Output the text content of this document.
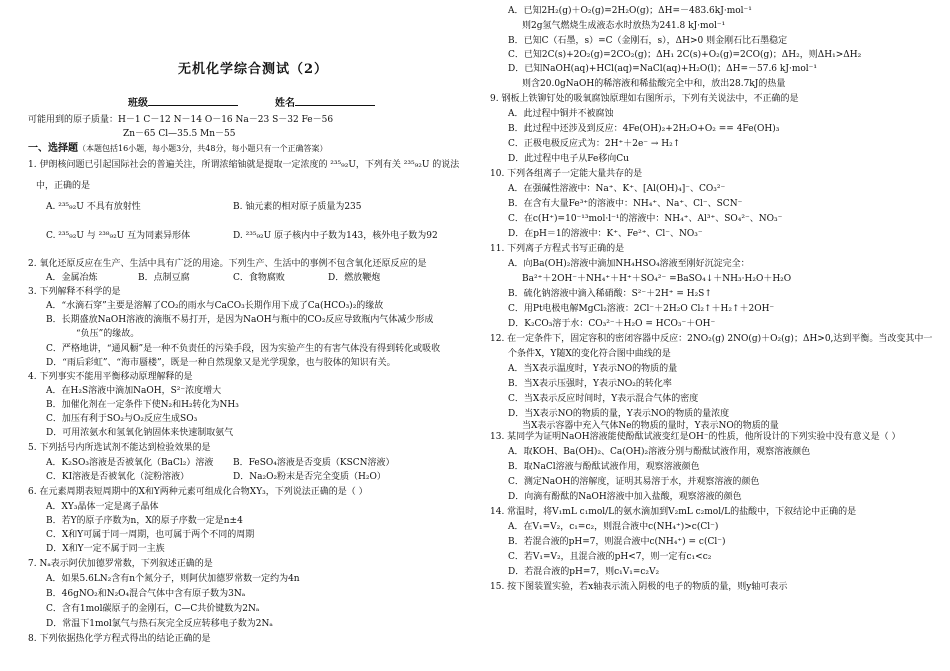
无机化学综合测试（2）
班级	姓名
可能用到的原子质量：H－1 C－12 N－14 O－16 Na－23 S－32 Fe－56
Zn－65 Cl—35.5 Mn－55
一、选择题（本题包括16小题，每小题3分，共48分，每小题只有一个正确答案）
1. 伊朗核问题已引起国际社会的普遍关注，所谓浓缩铀就是提取一定浓度的 ²³⁵₉₂U，下列有关 ²³⁵₉₂U 的说法
中，正确的是
A. ²³⁵₉₂U 不具有放射性	B. 铀元素的相对原子质量为235
C. ²³⁵₉₂U 与 ²³⁸₉₂U 互为同素异形体	D. ²³⁵₉₂U 原子核内中子数为143，核外电子数为92
2. 氧化还原反应在生产、生活中具有广泛的用途。下列生产、生活中的事例不包含氧化还原反应的是
A．金属冶炼	B．点制豆腐	C．食物腐败	D．燃放鞭炮
3. 下列解释不科学的是
A．“水滴石穿”主要是溶解了CO₂的雨水与CaCO₃长期作用下成了Ca(HCO₃)₂的缘故
B．长期盛放NaOH溶液的滴瓶不易打开，是因为NaOH与瓶中的CO₂反应导致瓶内气体减少形成
“负压”的缘故。
C．严格地讲，“通风橱”是一种不负责任的污染手段，因为实验产生的有害气体没有得到转化或吸收
D．“雨后彩虹”、“海市蜃楼”，既是一种自然现象又是光学现象，也与胶体的知识有关。
4. 下列事实不能用平衡移动原理解释的是
A．在H₂S溶液中滴加NaOH，S²⁻浓度增大
B．加催化剂在一定条件下使N₂和H₂转化为NH₃
C．加压有利于SO₂与O₂反应生成SO₃
D．可用浓氨水和氢氧化钠固体来快速制取氨气
5. 下列括号内所选试剂不能达到检验效果的是
A．K₂SO₃溶液是否被氧化（BaCl₂）溶液 B．FeSO₄溶液是否变质（KSCN溶液）
C．KI溶液是否被氧化（淀粉溶液）	D．Na₂O₂粉末是否完全变质（H₂O）
6. 在元素周期表短周期中的X和Y两种元素可组成化合物XY₃，下列说法正确的是（ ）
A．XY₃晶体一定是离子晶体
B．若Y的原子序数为n，X的原子序数一定是n±4
C．X和Y可属于同一周期，也可属于两个不同的周期
D．X和Y一定不属于同一主族
7. Nₐ表示阿伏加德罗常数，下列叙述正确的是
A．如果5.6LN₂含有n个氮分子，则阿伏加德罗常数一定约为4n
B．46gNO₂和N₂O₄混合气体中含有原子数为3Nₐ
C．含有1mol碳原子的金刚石，C—C共价键数为2Nₐ
D．常温下1mol氯气与热石灰完全反应转移电子数为2Nₐ
8. 下列依据热化学方程式得出的结论正确的是
A．已知2H₂(g)＋O₂(g)=2H₂O(g)；ΔH=－483.6kJ·mol⁻¹
则2g氢气燃烧生成液态水时放热为241.8 kJ·mol⁻¹
B．已知C（石墨，s）=C（金刚石，s），ΔH>0 则金刚石比石墨稳定
C．已知2C(s)+2O₂(g)=2CO₂(g)；ΔH₁ 2C(s)+O₂(g)=2CO(g)；ΔH₂，则ΔH₁>ΔH₂
D．已知NaOH(aq)+HCl(aq)=NaCl(aq)+H₂O(l)；ΔH=－57.6 kJ·mol⁻¹
则含20.0gNaOH的稀溶液和稀盐酸完全中和，放出28.7kJ的热量
9. 钢板上铁铆钉处的吸氧腐蚀原理如右图所示，下列有关说法中，不正确的是
A．此过程中铜并不被腐蚀
B．此过程中还涉及到反应：4Fe(OH)₂+2H₂O+O₂ == 4Fe(OH)₃
C．正极电极反应式为：2H⁺＋2e⁻ → H₂↑
D．此过程中电子从Fe移向Cu
10. 下列各组离子一定能大量共存的是
A．在强碱性溶液中：Na⁺、K⁺、[Al(OH)₄]⁻、CO₃²⁻
B．在含有大量Fe³⁺的溶液中：NH₄⁺、Na⁺、Cl⁻、SCN⁻
C．在c(H⁺)=10⁻¹³mol·l⁻¹的溶液中：NH₄⁺、Al³⁺、SO₄²⁻、NO₃⁻
D．在pH＝1的溶液中：K⁺、Fe²⁺、Cl⁻、NO₃⁻
11. 下列离子方程式书写正确的是
A．向Ba(OH)₂溶液中滴加NH₄HSO₄溶液至刚好沉淀完全：
Ba²⁺＋2OH⁻＋NH₄⁺＋H⁺＋SO₄²⁻ =BaSO₄↓＋NH₃·H₂O＋H₂O
B．硫化钠溶液中滴入稀硝酸：S²⁻＋2H⁺ = H₂S↑
C．用Pt电极电解MgCl₂溶液：2Cl⁻＋2H₂O Cl₂↑＋H₂↑＋2OH⁻
D．K₂CO₃溶于水：CO₃²⁻＋H₂O = HCO₃⁻＋OH⁻
12. 在一定条件下，固定容积的密闭容器中反应：2NO₂(g) 2NO(g)＋O₂(g)；ΔH>0,达到平衡。当改变其中一
个条件X，Y随X的变化符合图中曲线的是
A．当X表示温度时，Y表示NO的物质的量
B．当X表示压强时，Y表示NO₂的转化率
C．当X表示反应时间时，Y表示混合气体的密度
D．当X表示NO的物质的量，Y表示NO的物质的量浓度
当X表示容器中充入气体Ne的物质的量时，Y表示NO的物质的量
13. 某同学为证明NaOH溶液能使酚酞试液变红是OH⁻的性质，他所设计的下列实验中没有意义是（ ）
A．取KOH、Ba(OH)₂、Ca(OH)₂溶液分别与酚酞试液作用，观察溶液颜色
B．取NaCl溶液与酚酞试液作用，观察溶液颜色
C．测定NaOH的溶解度，证明其易溶于水，并观察溶液的颜色
D．向滴有酚酞的NaOH溶液中加入盐酸，观察溶液的颜色
14. 常温时，将V₁mL c₁mol/L的氨水滴加到V₂mL c₂mol/L的盐酸中，下叙结论中正确的是
A．在V₁=V₂，c₁=c₂，则混合液中c(NH₄⁺)>c(Cl⁻)
B．若混合液的pH=7，则混合液中c(NH₄⁺) = c(Cl⁻)
C．若V₁=V₂，且混合液的pH<7，则一定有c₁<c₂
D．若混合液的pH=7，则c₁V₁=c₂V₂
15. 按下图装置实验，若x轴表示流入阴极的电子的物质的量，则y轴可表示
